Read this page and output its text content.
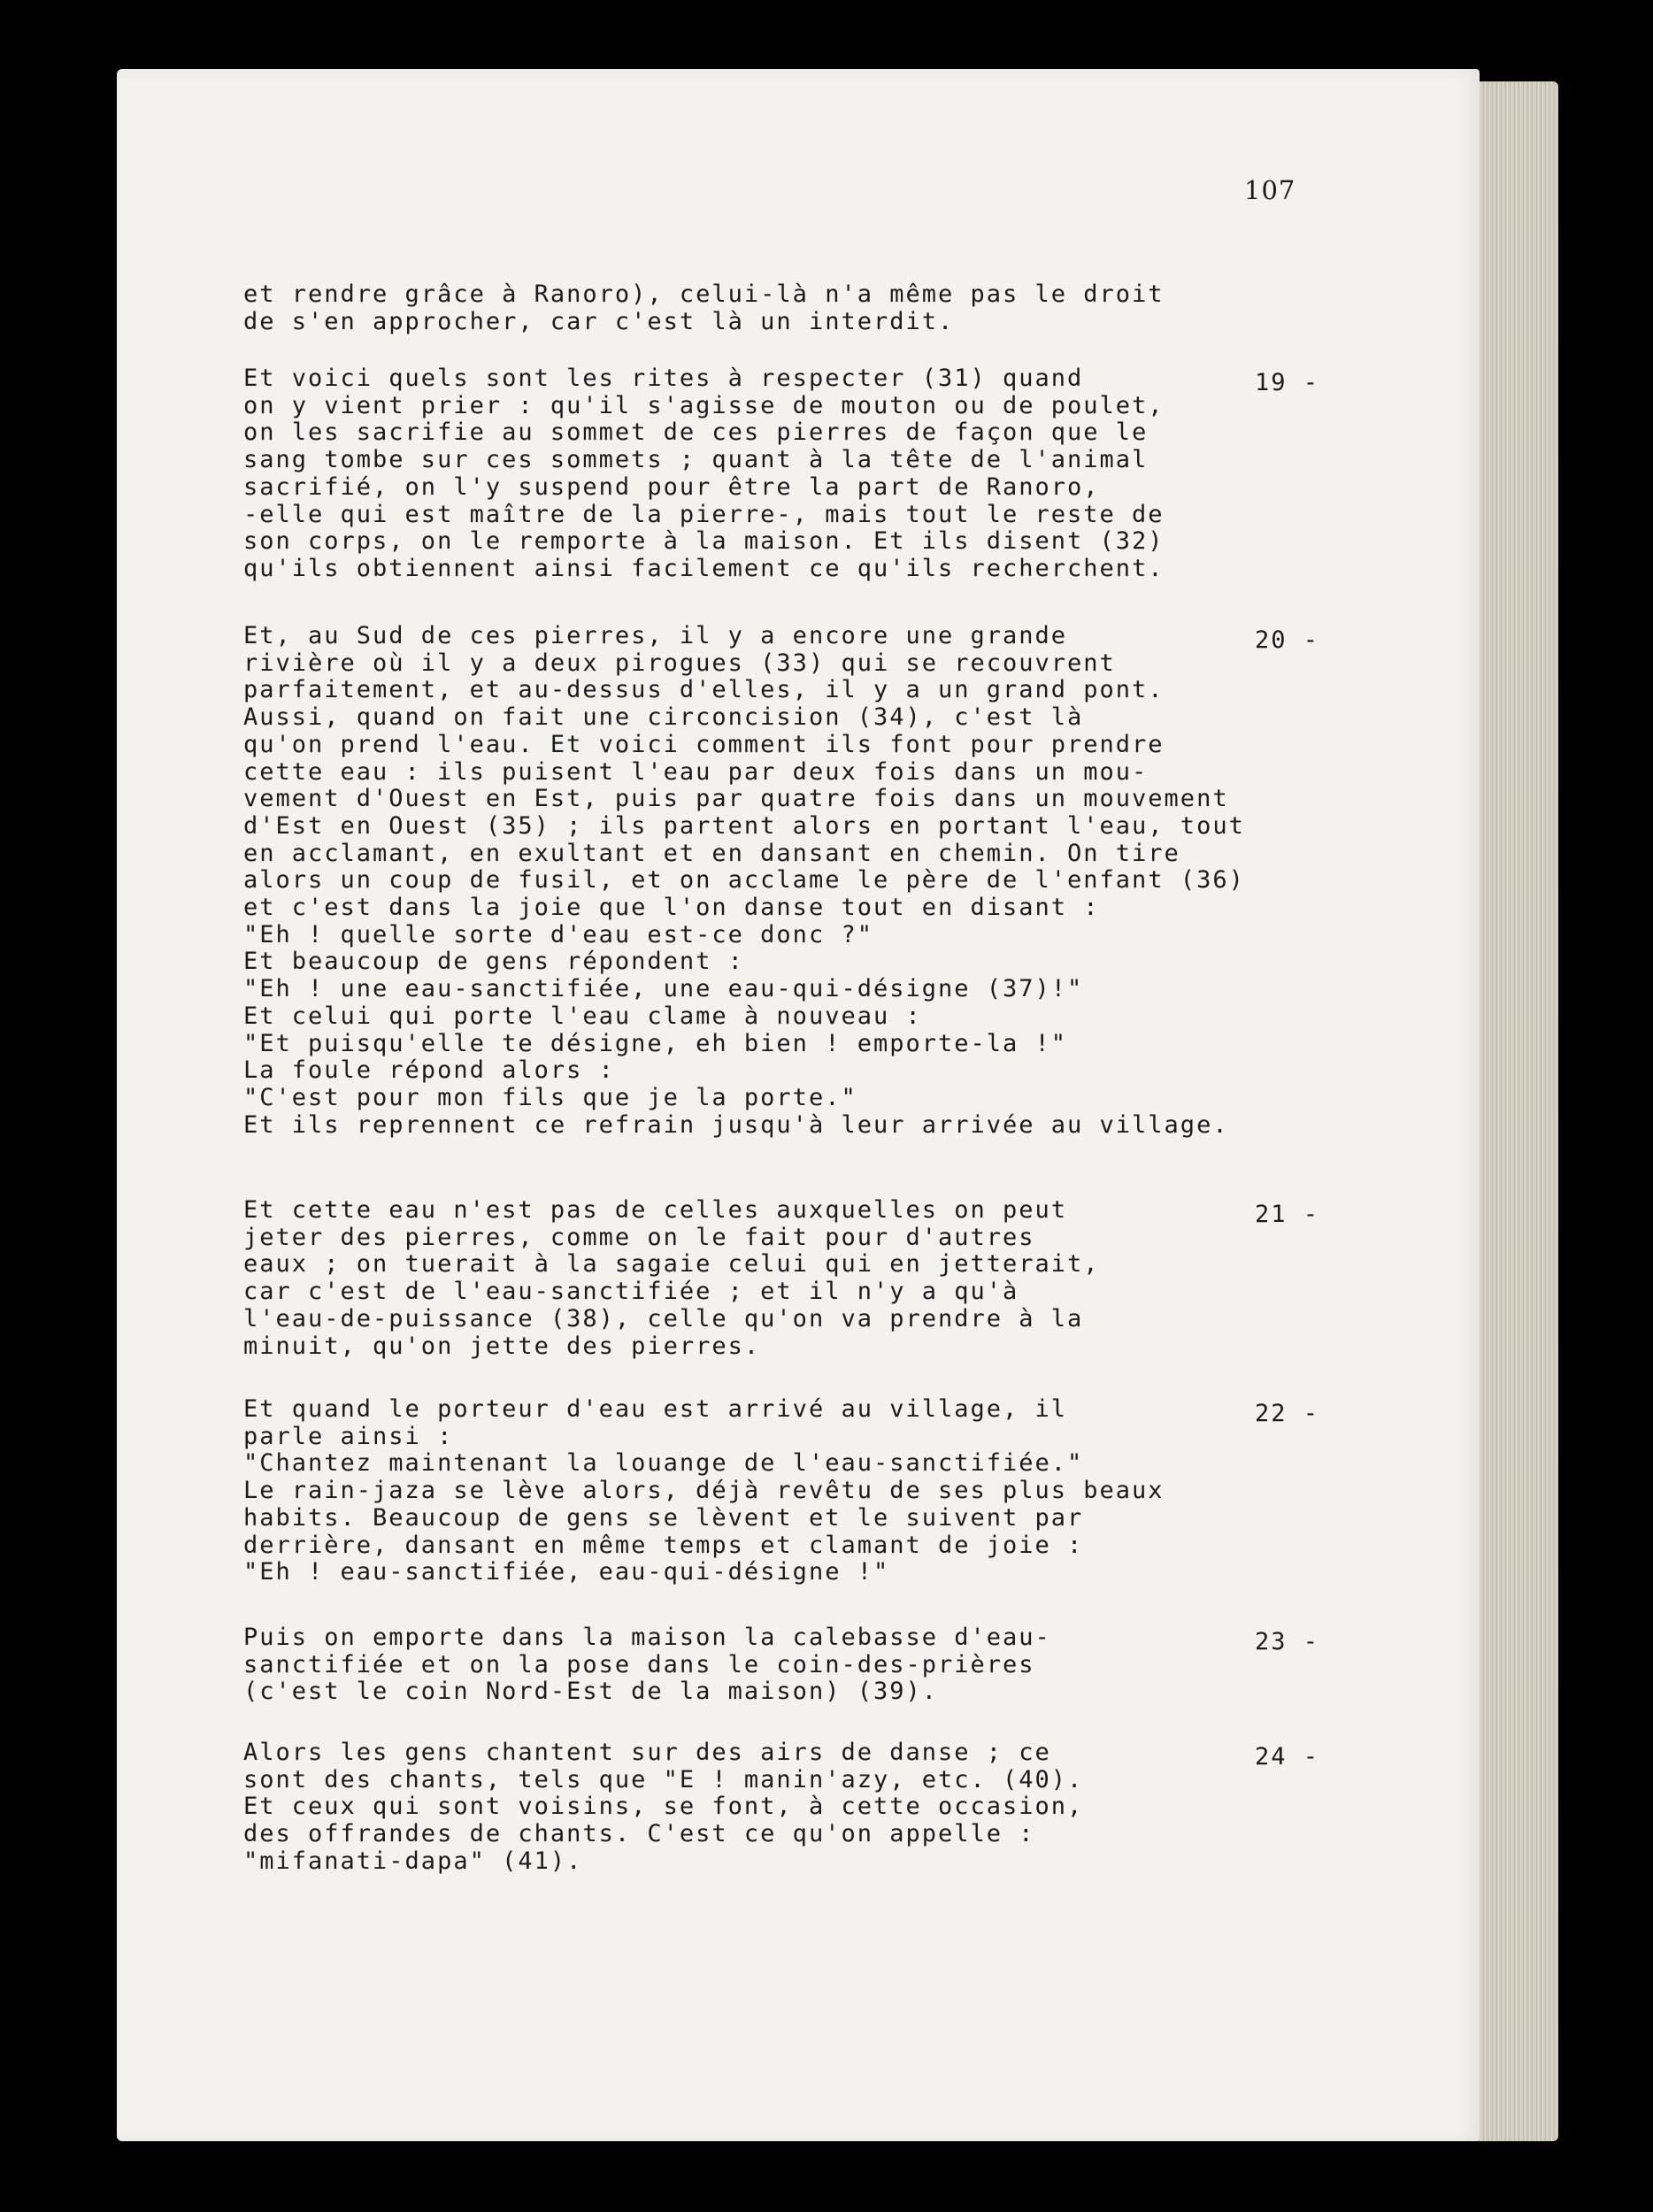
107

et rendre grâce à Ranoro), celui-là n'a même pas le droit
de s'en approcher, car c'est là un interdit.

19 -

Et voici quels sont les rites à respecter (31) quand
on y vient prier : qu'il s'agisse de mouton ou de poulet,
on les sacrifie au sommet de ces pierres de façon que le
sang tombe sur ces sommets ; quant à la tête de l'animal
sacrifié, on l'y suspend pour être la part de Ranoro,
-elle qui est maître de la pierre-, mais tout le reste de
son corps, on le remporte à la maison. Et ils disent (32)
qu'ils obtiennent ainsi facilement ce qu'ils recherchent.

20 -

Et, au Sud de ces pierres, il y a encore une grande
rivière où il y a deux pirogues (33) qui se recouvrent
parfaitement, et au-dessus d'elles, il y a un grand pont.
Aussi, quand on fait une circoncision (34), c'est là
qu'on prend l'eau. Et voici comment ils font pour prendre
cette eau : ils puisent l'eau par deux fois dans un mou-
vement d'Ouest en Est, puis par quatre fois dans un mouvement
d'Est en Ouest (35) ; ils partent alors en portant l'eau, tout
en acclamant, en exultant et en dansant en chemin. On tire
alors un coup de fusil, et on acclame le père de l'enfant (36)
et c'est dans la joie que l'on danse tout en disant :
"Eh ! quelle sorte d'eau est-ce donc ?"
Et beaucoup de gens répondent :
"Eh ! une eau-sanctifiée, une eau-qui-désigne (37)!"
Et celui qui porte l'eau clame à nouveau :
"Et puisqu'elle te désigne, eh bien ! emporte-la !"
La foule répond alors :
"C'est pour mon fils que je la porte."
Et ils reprennent ce refrain jusqu'à leur arrivée au village.

21 -

Et cette eau n'est pas de celles auxquelles on peut
jeter des pierres, comme on le fait pour d'autres
eaux ; on tuerait à la sagaie celui qui en jetterait,
car c'est de l'eau-sanctifiée ; et il n'y a qu'à
l'eau-de-puissance (38), celle qu'on va prendre à la
minuit, qu'on jette des pierres.

22 -

Et quand le porteur d'eau est arrivé au village, il
parle ainsi :
"Chantez maintenant la louange de l'eau-sanctifiée."
Le rain-jaza se lève alors, déjà revêtu de ses plus beaux
habits. Beaucoup de gens se lèvent et le suivent par
derrière, dansant en même temps et clamant de joie :
"Eh ! eau-sanctifiée, eau-qui-désigne !"

23 -

Puis on emporte dans la maison la calebasse d'eau-
sanctifiée et on la pose dans le coin-des-prières
(c'est le coin Nord-Est de la maison) (39).

24 -

Alors les gens chantent sur des airs de danse ; ce
sont des chants, tels que "E ! manin'azy, etc. (40).
Et ceux qui sont voisins, se font, à cette occasion,
des offrandes de chants. C'est ce qu'on appelle :
"mifanati-dapa" (41).
